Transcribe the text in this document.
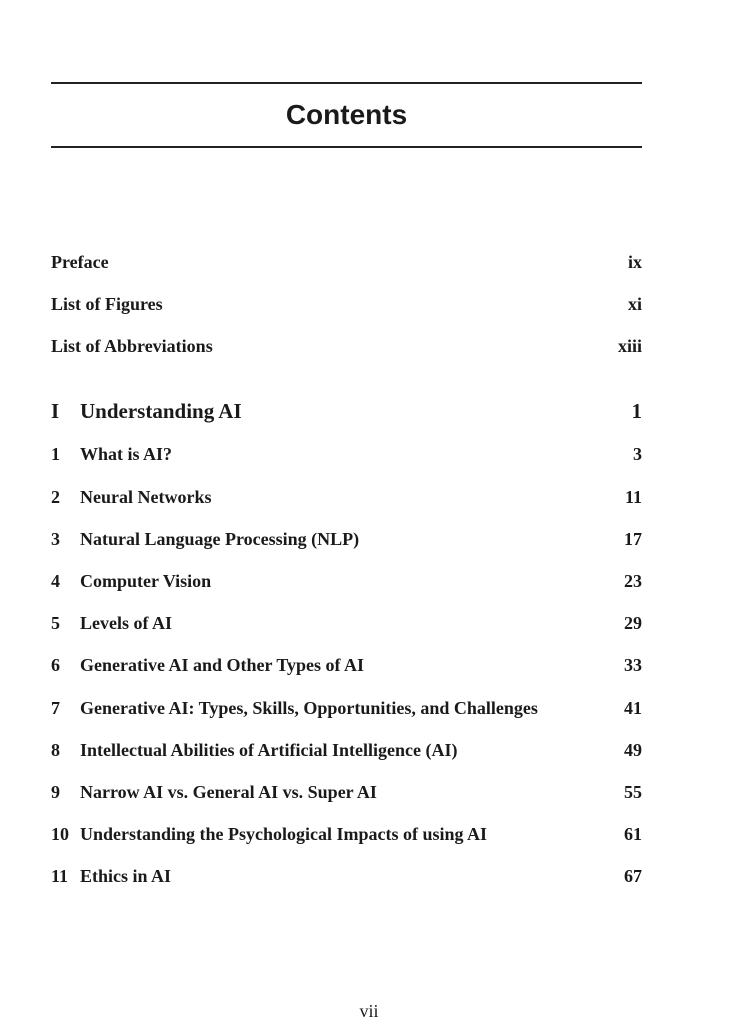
Contents
Preface	ix
List of Figures	xi
List of Abbreviations	xiii
I Understanding AI	1
1 What is AI?	3
2 Neural Networks	11
3 Natural Language Processing (NLP)	17
4 Computer Vision	23
5 Levels of AI	29
6 Generative AI and Other Types of AI	33
7 Generative AI: Types, Skills, Opportunities, and Challenges	41
8 Intellectual Abilities of Artificial Intelligence (AI)	49
9 Narrow AI vs. General AI vs. Super AI	55
10 Understanding the Psychological Impacts of using AI	61
11 Ethics in AI	67
vii
